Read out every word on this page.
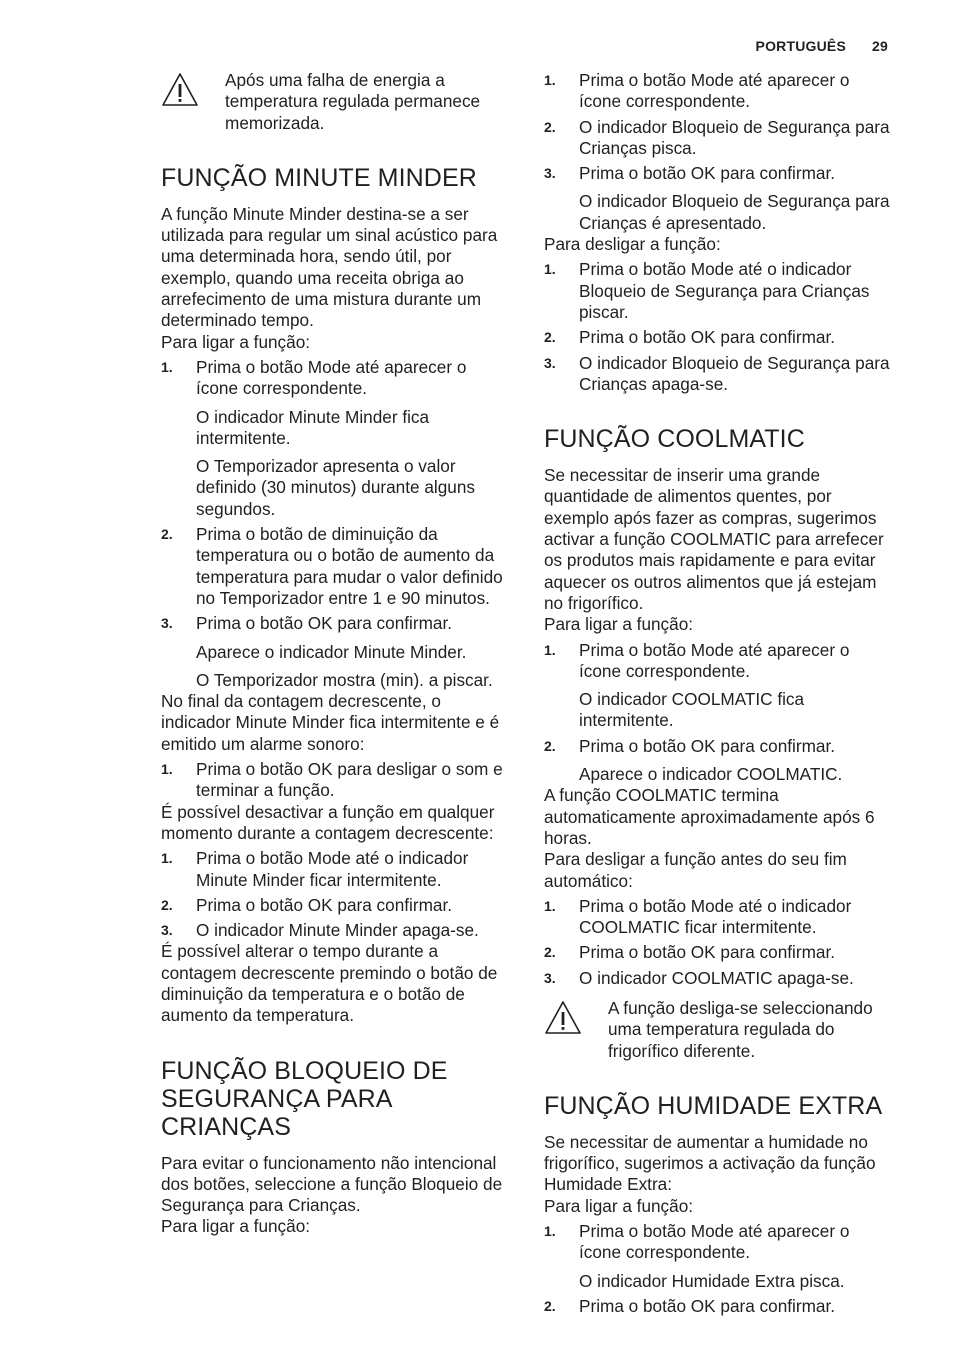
PORTUGUÊS 29

Após uma falha de energia a temperatura regulada permanece memorizada.

FUNÇÃO MINUTE MINDER

A função Minute Minder destina-se a ser utilizada para regular um sinal acústico para uma determinada hora, sendo útil, por exemplo, quando uma receita obriga ao arrefecimento de uma mistura durante um determinado tempo.

Para ligar a função:

1. Prima o botão Mode até aparecer o ícone correspondente.
O indicador Minute Minder fica intermitente.
O Temporizador apresenta o valor definido (30 minutos) durante alguns segundos.
2. Prima o botão de diminuição da temperatura ou o botão de aumento da temperatura para mudar o valor definido no Temporizador entre 1 e 90 minutos.
3. Prima o botão OK para confirmar.
Aparece o indicador Minute Minder.
O Temporizador mostra (min). a piscar.

No final da contagem decrescente, o indicador Minute Minder fica intermitente e é emitido um alarme sonoro:

1. Prima o botão OK para desligar o som e terminar a função.

É possível desactivar a função em qualquer momento durante a contagem decrescente:

1. Prima o botão Mode até o indicador Minute Minder ficar intermitente.
2. Prima o botão OK para confirmar.
3. O indicador Minute Minder apaga-se.

É possível alterar o tempo durante a contagem decrescente premindo o botão de diminuição da temperatura e o botão de aumento da temperatura.

FUNÇÃO BLOQUEIO DE
SEGURANÇA PARA CRIANÇAS

Para evitar o funcionamento não intencional dos botões, seleccione a função Bloqueio de Segurança para Crianças.

Para ligar a função:

1. Prima o botão Mode até aparecer o ícone correspondente.
2. O indicador Bloqueio de Segurança para Crianças pisca.
3. Prima o botão OK para confirmar.
O indicador Bloqueio de Segurança para Crianças é apresentado.

Para desligar a função:

1. Prima o botão Mode até o indicador Bloqueio de Segurança para Crianças piscar.
2. Prima o botão OK para confirmar.
3. O indicador Bloqueio de Segurança para Crianças apaga-se.
FUNÇÃO COOLMATIC

Se necessitar de inserir uma grande quantidade de alimentos quentes, por exemplo após fazer as compras, sugerimos activar a função COOLMATIC para arrefecer os produtos mais rapidamente e para evitar aquecer os outros alimentos que já estejam no frigorífico.

Para ligar a função:

1. Prima o botão Mode até aparecer o ícone correspondente.
O indicador COOLMATIC fica intermitente.
2. Prima o botão OK para confirmar.
Aparece o indicador COOLMATIC.

A função COOLMATIC termina automaticamente aproximadamente após 6 horas.

Para desligar a função antes do seu fim automático:

1. Prima o botão Mode até o indicador COOLMATIC ficar intermitente.
2. Prima o botão OK para confirmar.
3. O indicador COOLMATIC apaga-se.

A função desliga-se seleccionando uma temperatura regulada do frigorífico diferente.

FUNÇÃO HUMIDADE EXTRA

Se necessitar de aumentar a humidade no frigorífico, sugerimos a activação da função Humidade Extra:

Para ligar a função:

1. Prima o botão Mode até aparecer o ícone correspondente.
O indicador Humidade Extra pisca.
2. Prima o botão OK para confirmar.
